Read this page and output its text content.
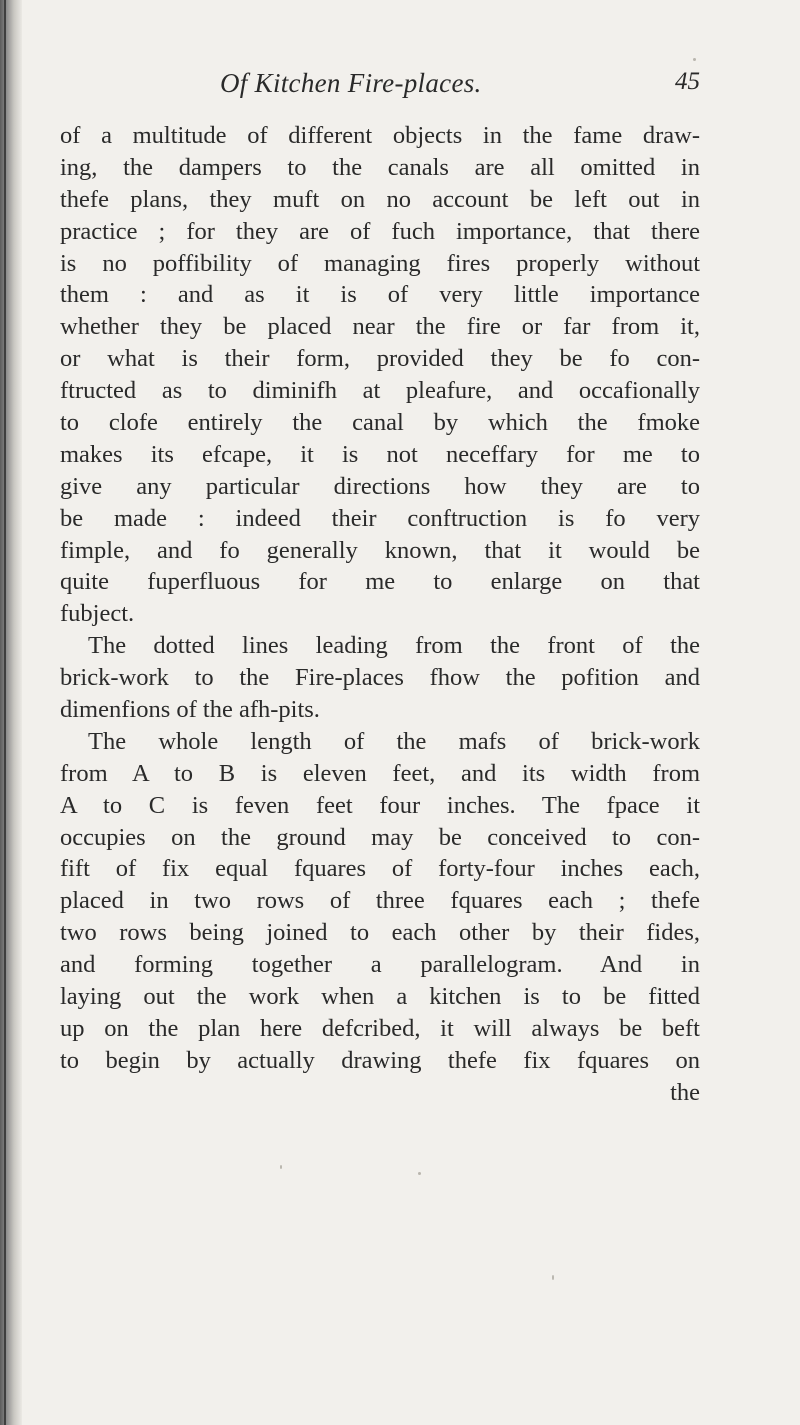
Of Kitchen Fire-places.	45
of a multitude of different objects in the fame draw-
ing, the dampers to the canals are all omitted in
thefe plans, they muft on no account be left out in
practice ; for they are of fuch importance, that there
is no poffibility of managing fires properly without
them : and as it is of very little importance
whether they be placed near the fire or far from it,
or what is their form, provided they be fo con-
ftructed as to diminifh at pleafure, and occafionally
to clofe entirely the canal by which the fmoke
makes its efcape, it is not neceffary for me to
give any particular directions how they are to
be made : indeed their conftruction is fo very
fimple, and fo generally known, that it would be
quite fuperfluous for me to enlarge on that
fubject.
The dotted lines leading from the front of the
brick-work to the Fire-places fhow the pofition and
dimenfions of the afh-pits.
The whole length of the mafs of brick-work
from A to B is eleven feet, and its width from
A to C is feven feet four inches. The fpace it
occupies on the ground may be conceived to con-
fift of fix equal fquares of forty-four inches each,
placed in two rows of three fquares each ; thefe
two rows being joined to each other by their fides,
and forming together a parallelogram. And in
laying out the work when a kitchen is to be fitted
up on the plan here defcribed, it will always be beft
to begin by actually drawing thefe fix fquares on
the
